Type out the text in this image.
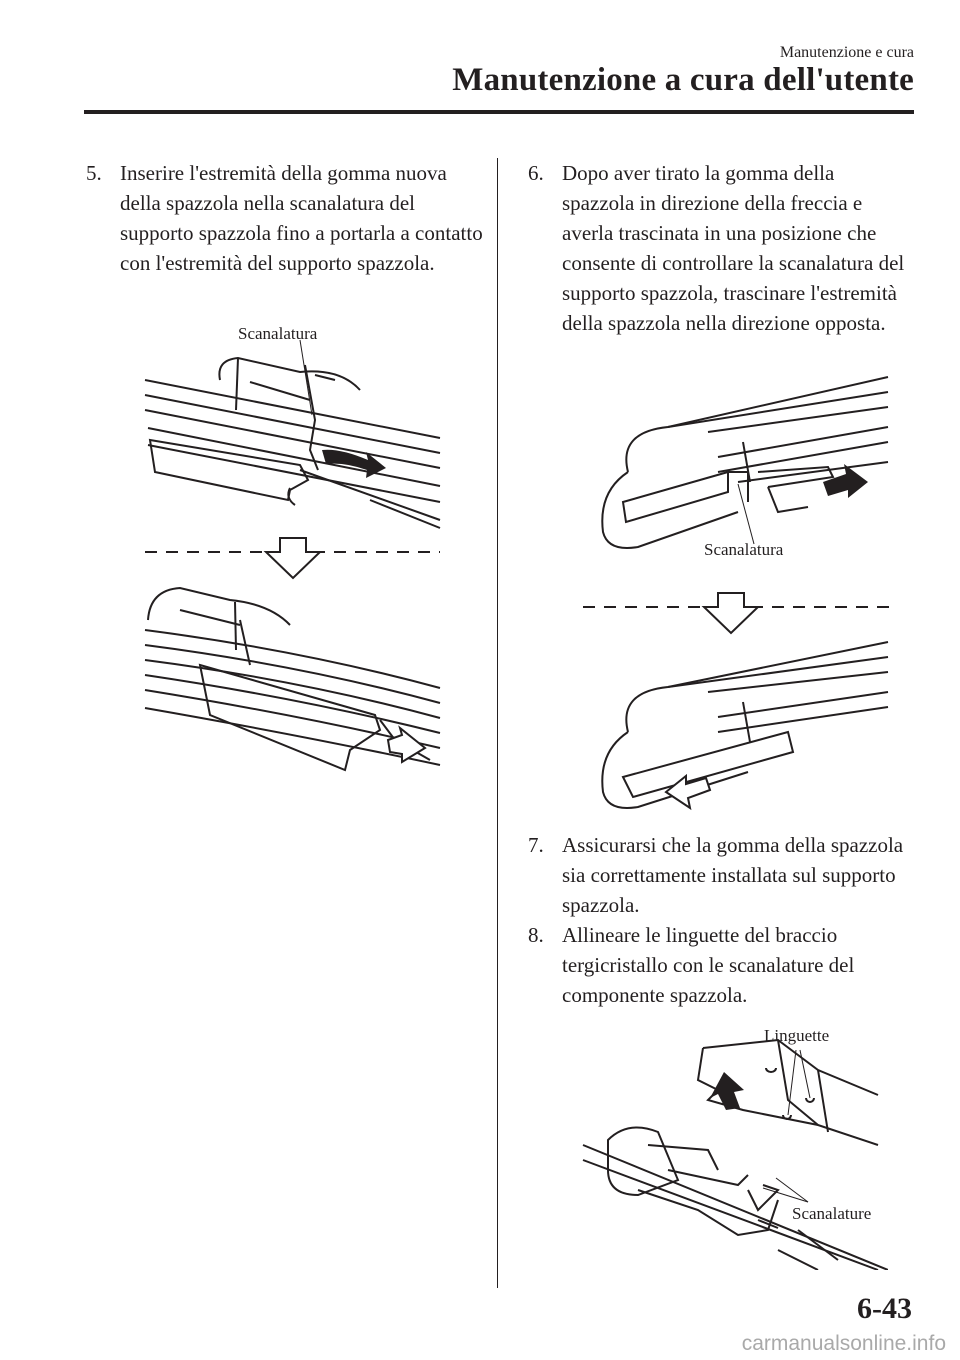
Manutenzione e cura
Manutenzione a cura dell'utente
5. Inserire l'estremità della gomma nuova della spazzola nella scanalatura del supporto spazzola fino a portarla a contatto con l'estremità del supporto spazzola.
Scanalatura
6. Dopo aver tirato la gomma della spazzola in direzione della freccia e averla trascinata in una posizione che consente di controllare la scanalatura del supporto spazzola, trascinare l'estremità della spazzola nella direzione opposta.
Scanalatura
7. Assicurarsi che la gomma della spazzola sia correttamente installata sul supporto spazzola.
8. Allineare le linguette del braccio tergicristallo con le scanalature del componente spazzola.
Linguette
Scanalature
6-43
carmanualsonline.info
